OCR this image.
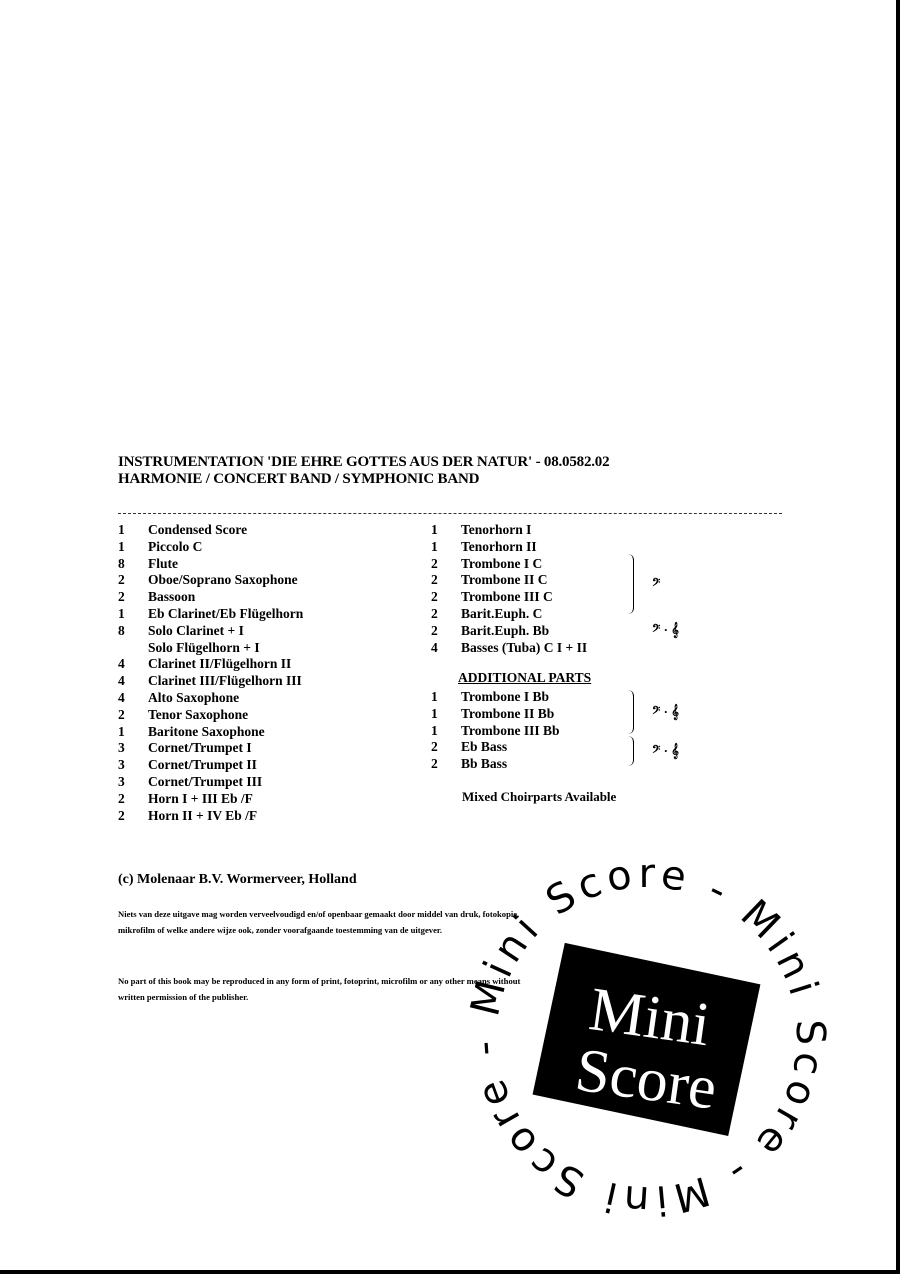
INSTRUMENTATION 'DIE EHRE GOTTES AUS DER NATUR' - 08.0582.02
HARMONIE / CONCERT BAND / SYMPHONIC BAND
1	Condensed Score
1	Piccolo C
8	Flute
2	Oboe/Soprano Saxophone
2	Bassoon
1	Eb Clarinet/Eb Flügelhorn
8	Solo Clarinet + I
Solo Flügelhorn + I
4	Clarinet II/Flügelhorn II
4	Clarinet III/Flügelhorn III
4	Alto Saxophone
2	Tenor Saxophone
1	Baritone Saxophone
3	Cornet/Trumpet I
3	Cornet/Trumpet II
3	Cornet/Trumpet III
2	Horn I + III Eb /F
2	Horn II + IV Eb /F
1	Tenorhorn I
1	Tenorhorn II
2	Trombone I C
2	Trombone II C
2	Trombone III C
2	Barit.Euph. C
2	Barit.Euph. Bb
4	Basses (Tuba) C I + II
ADDITIONAL PARTS
1	Trombone I Bb
1	Trombone II Bb
1	Trombone III Bb
2	Eb Bass
2	Bb Bass
Mixed Choirparts Available
𝄢
𝄢 · 𝄞
𝄢 · 𝄞
𝄢 · 𝄞
(c) Molenaar B.V. Wormerveer, Holland
Niets van deze uitgave mag worden verveelvoudigd en/of openbaar gemaakt door middel van druk, fotokopie, mikrofilm of welke andere wijze ook, zonder voorafgaande toestemming van de uitgever.
No part of this book may be reproduced in any form of print, fotoprint, microfilm or any other means without written permission of the publisher.	Mini Score - Mini Score - Mini Score -	Mini
Score
